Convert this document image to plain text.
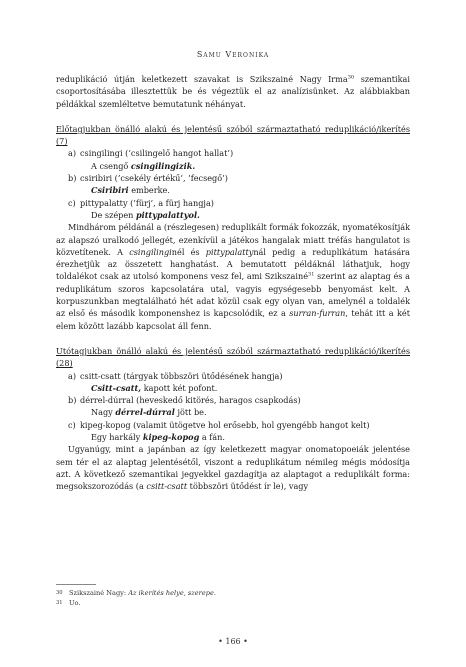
Samu Veronika

reduplikáció útján keletkezett szavakat is Szikszainé Nagy Irma$^{30}$ szemantikai csoportosításába illesztettük be és végeztük el az analízisünket. Az alábbiakban példákkal szemléltetve bemutatunk néhányat.

Előtagjukban önálló alakú és jelentésű szóból származtatható reduplikáció/ikerítés (7)

a) csingilingi (’csilingelő hangot hallat’)

A csengő csingilingizik.

b) csiribiri (’csekély értékű’, ’fecsegő’)

Csiribiri emberke.

c) pittypalatty (’fürj’, a fürj hangja)

De szépen pittypalattyol.

Mindhárom példánál a (részlegesen) reduplikált formák fokozzák, nyomatékosítják az alapszó uralkodó jellegét, ezenkívül a játékos hangalak miatt tréfás hangulatot is közvetítenek. A csingilinginél és pittypalattynál pedig a reduplikátum hatására érezhetjük az összetett hanghatást. A bemutatott példáknál láthatjuk, hogy toldalékot csak az utolsó komponens vesz fel, ami Szikszainé$^{31}$ szerint az alaptag és a reduplikátum szoros kapcsolatára utal, vagyis egységesebb benyomást kelt. A korpuszunkban megtalálható hét adat közül csak egy olyan van, amelynél a toldalék az első és második komponenshez is kapcsolódik, ez a surran-furran, tehát itt a két elem között lazább kapcsolat áll fenn.

Utótagjukban önálló alakú és jelentésű szóból származtatható reduplikáció/ikerítés (28)

a) csitt-csatt (tárgyak többszöri ütődésének hangja)

Csitt-csatt, kapott két pofont.

b) dérrel-dúrral (heveskedő kitörés, haragos csapkodás)

Nagy dérrel-dúrral jött be.

c) kipeg-kopog (valamit ütögetve hol erősebb, hol gyengébb hangot kelt)

Egy harkály kipeg-kopog a fán.

Ugyanúgy, mint a japánban az így keletkezett magyar onomatopoeiák jelentése sem tér el az alaptag jelentésétől, viszont a reduplikátum némileg mégis módosítja azt. A következő szemantikai jegyekkel gazdagítja az alaptagot a reduplikált forma: megsokszorozódás (a csitt-csatt többszöri ütődést ír le), vagy

30 Szikszainé Nagy: Az ikerítés helye, szerepe.

31 Uo.

• 166 •
